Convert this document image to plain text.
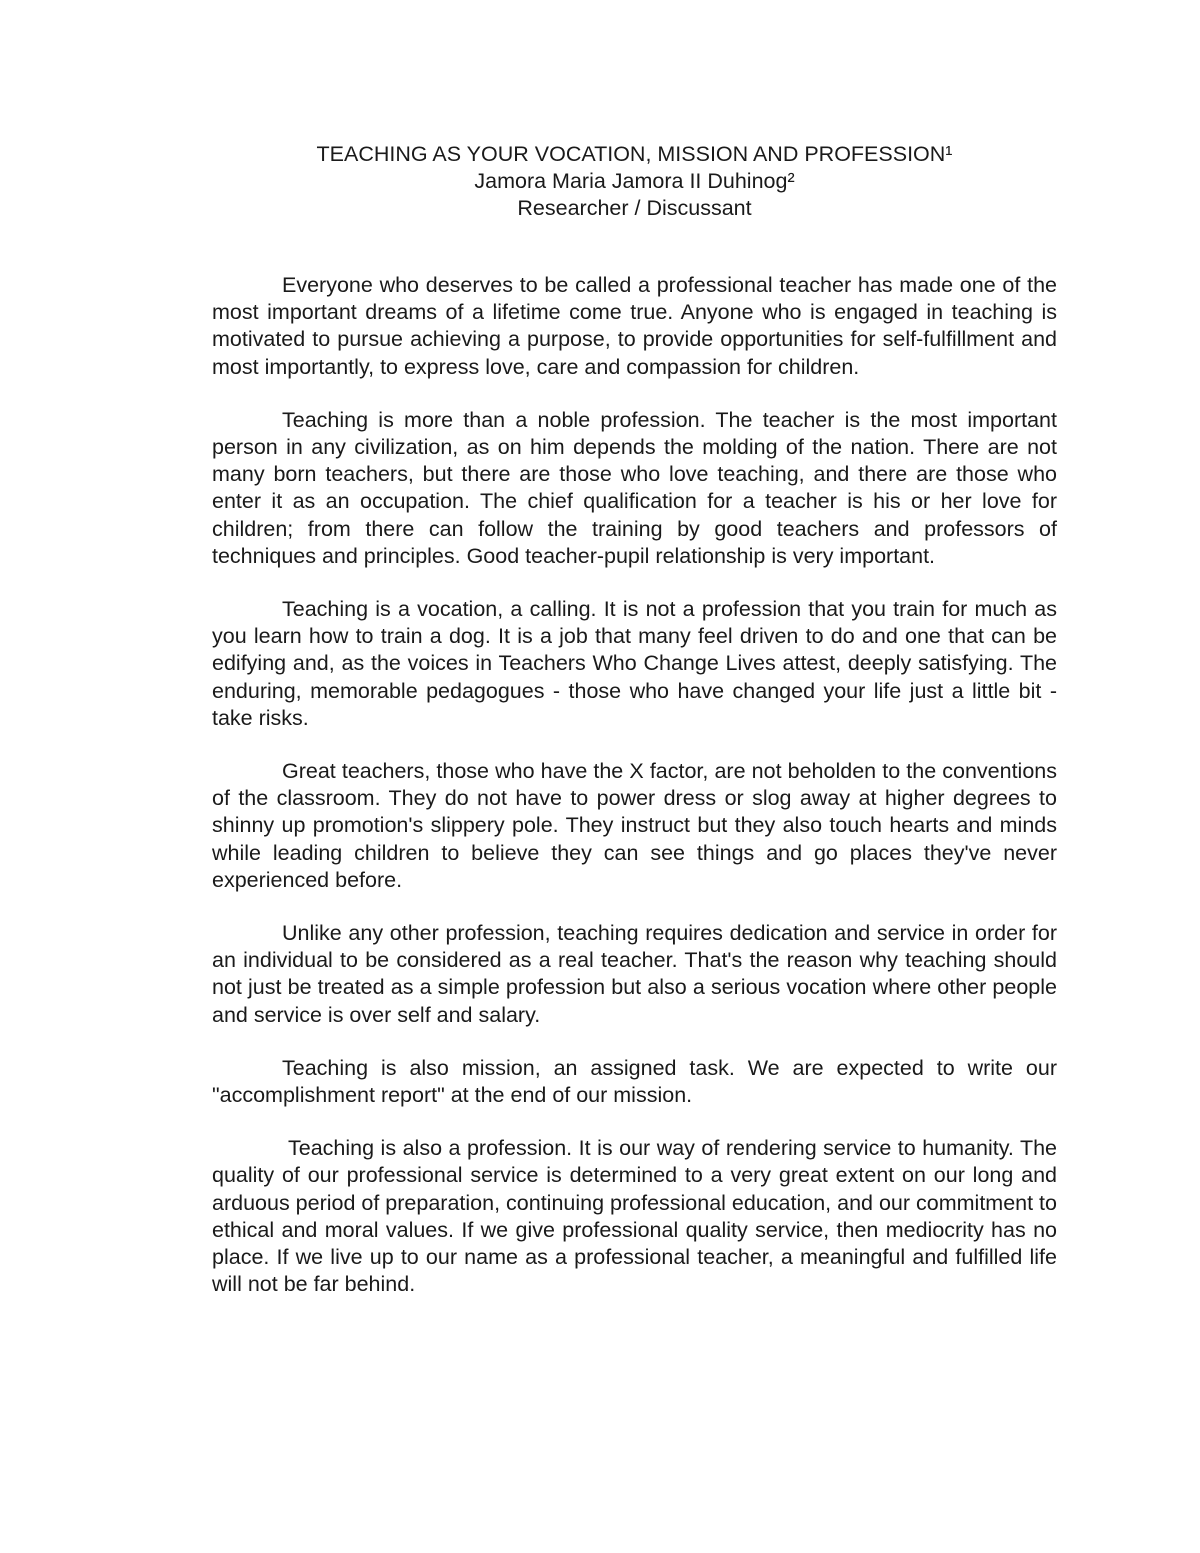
TEACHING AS YOUR VOCATION, MISSION AND PROFESSION¹
Jamora Maria Jamora II Duhinog²
Researcher / Discussant

Everyone who deserves to be called a professional teacher has made one of the most important dreams of a lifetime come true. Anyone who is engaged in teaching is motivated to pursue achieving a purpose, to provide opportunities for self-fulfillment and most importantly, to express love, care and compassion for children.

Teaching is more than a noble profession. The teacher is the most important person in any civilization, as on him depends the molding of the nation. There are not many born teachers, but there are those who love teaching, and there are those who enter it as an occupation. The chief qualification for a teacher is his or her love for children; from there can follow the training by good teachers and professors of techniques and principles. Good teacher-pupil relationship is very important.

Teaching is a vocation, a calling. It is not a profession that you train for much as you learn how to train a dog. It is a job that many feel driven to do and one that can be edifying and, as the voices in Teachers Who Change Lives attest, deeply satisfying. The enduring, memorable pedagogues - those who have changed your life just a little bit - take risks.

Great teachers, those who have the X factor, are not beholden to the conventions of the classroom. They do not have to power dress or slog away at higher degrees to shinny up promotion's slippery pole. They instruct but they also touch hearts and minds while leading children to believe they can see things and go places they've never experienced before.

Unlike any other profession, teaching requires dedication and service in order for an individual to be considered as a real teacher. That's the reason why teaching should not just be treated as a simple profession but also a serious vocation where other people and service is over self and salary.

Teaching is also mission, an assigned task. We are expected to write our "accomplishment report" at the end of our mission.

Teaching is also a profession. It is our way of rendering service to humanity. The quality of our professional service is determined to a very great extent on our long and arduous period of preparation, continuing professional education, and our commitment to ethical and moral values. If we give professional quality service, then mediocrity has no place. If we live up to our name as a professional teacher, a meaningful and fulfilled life will not be far behind.
